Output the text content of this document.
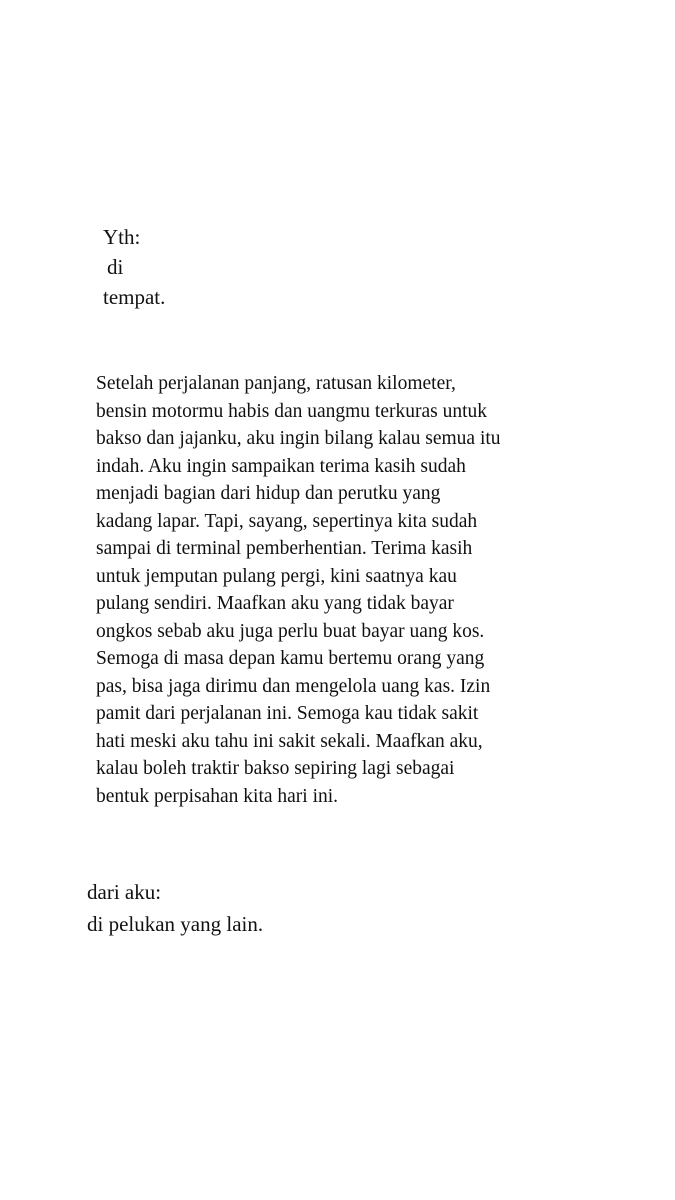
Yth:
di
tempat.
Setelah perjalanan panjang, ratusan kilometer,
bensin motormu habis dan uangmu terkuras untuk
bakso dan jajanku, aku ingin bilang kalau semua itu
indah. Aku ingin sampaikan terima kasih sudah
menjadi bagian dari hidup dan perutku yang
kadang lapar. Tapi, sayang, sepertinya kita sudah
sampai di terminal pemberhentian. Terima kasih
untuk jemputan pulang pergi, kini saatnya kau
pulang sendiri. Maafkan aku yang tidak bayar
ongkos sebab aku juga perlu buat bayar uang kos.
Semoga di masa depan kamu bertemu orang yang
pas, bisa jaga dirimu dan mengelola uang kas. Izin
pamit dari perjalanan ini. Semoga kau tidak sakit
hati meski aku tahu ini sakit sekali. Maafkan aku,
kalau boleh traktir bakso sepiring lagi sebagai
bentuk perpisahan kita hari ini.
dari aku:
di pelukan yang lain.
